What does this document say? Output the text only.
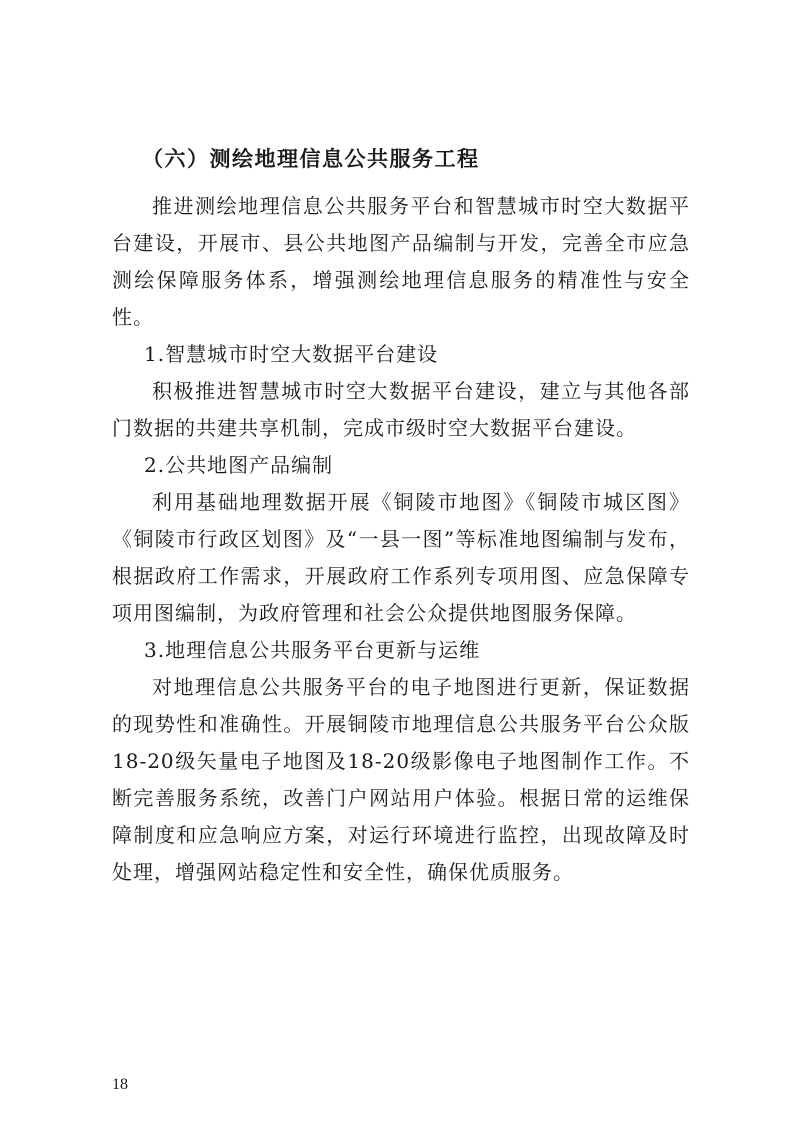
（六）测绘地理信息公共服务工程

推进测绘地理信息公共服务平台和智慧城市时空大数据平台建设，开展市、县公共地图产品编制与开发，完善全市应急测绘保障服务体系，增强测绘地理信息服务的精准性与安全性。

1.智慧城市时空大数据平台建设

积极推进智慧城市时空大数据平台建设，建立与其他各部门数据的共建共享机制，完成市级时空大数据平台建设。

2.公共地图产品编制

利用基础地理数据开展《铜陵市地图》《铜陵市城区图》《铜陵市行政区划图》及“一县一图”等标准地图编制与发布，根据政府工作需求，开展政府工作系列专项用图、应急保障专项用图编制，为政府管理和社会公众提供地图服务保障。

3.地理信息公共服务平台更新与运维

对地理信息公共服务平台的电子地图进行更新，保证数据的现势性和准确性。开展铜陵市地理信息公共服务平台公众版18-20级矢量电子地图及18-20级影像电子地图制作工作。不断完善服务系统，改善门户网站用户体验。根据日常的运维保障制度和应急响应方案，对运行环境进行监控，出现故障及时处理，增强网站稳定性和安全性，确保优质服务。

18
